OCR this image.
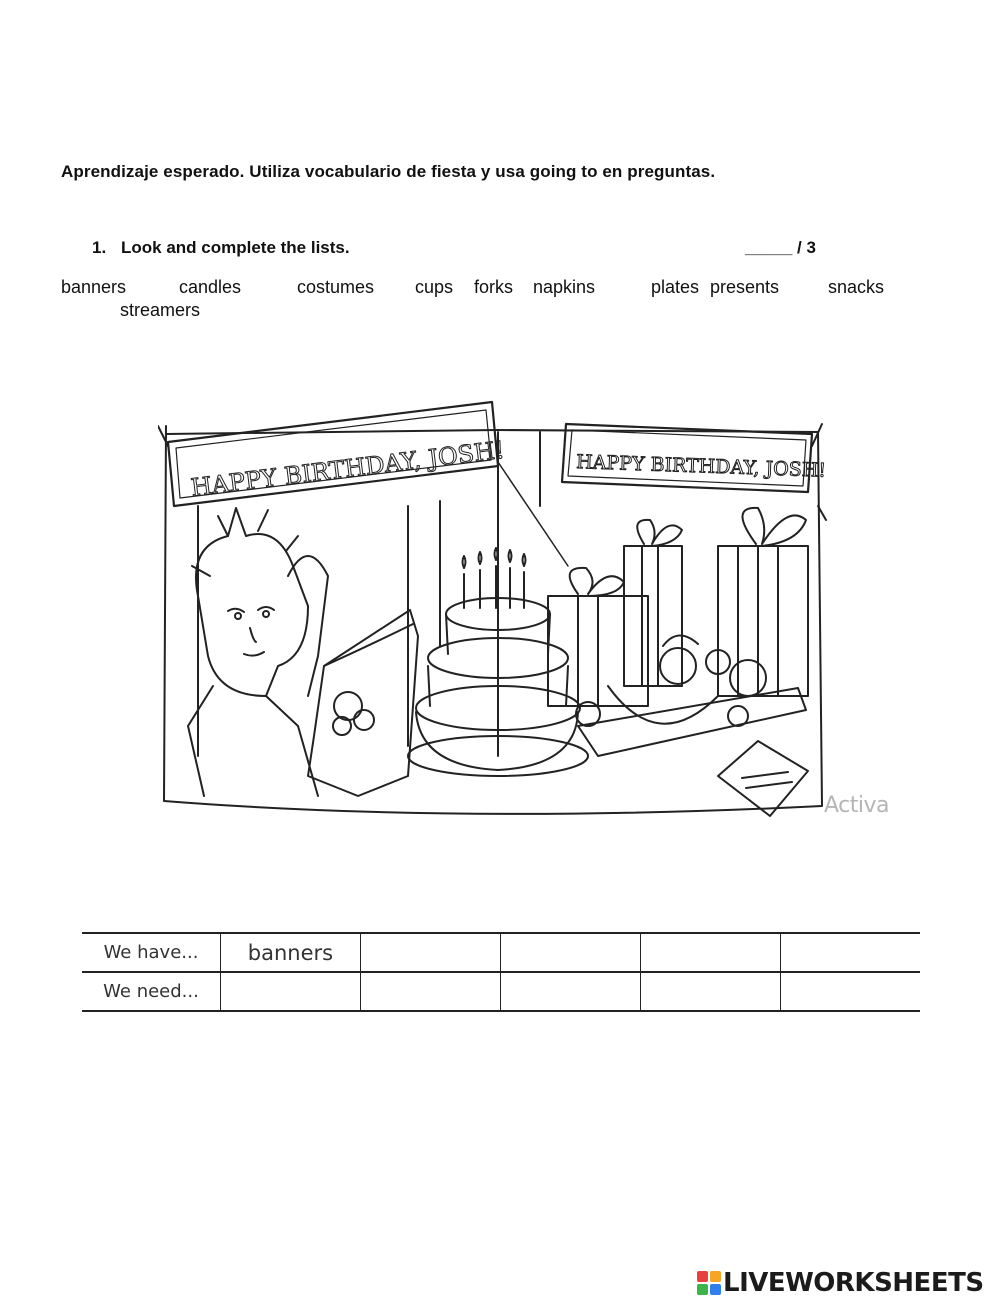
Aprendizaje esperado. Utiliza vocabulario de fiesta y usa going to en preguntas.
1. Look and complete the lists.	_____ / 3
banners	candles	costumes cups forks napkins	plates presents	snacks
streamers
HAPPY BIRTHDAY, JOSH!	HAPPY BIRTHDAY, JOSH!
Activa
We have...	banners				
We need...					
LIVEWORKSHEETS
